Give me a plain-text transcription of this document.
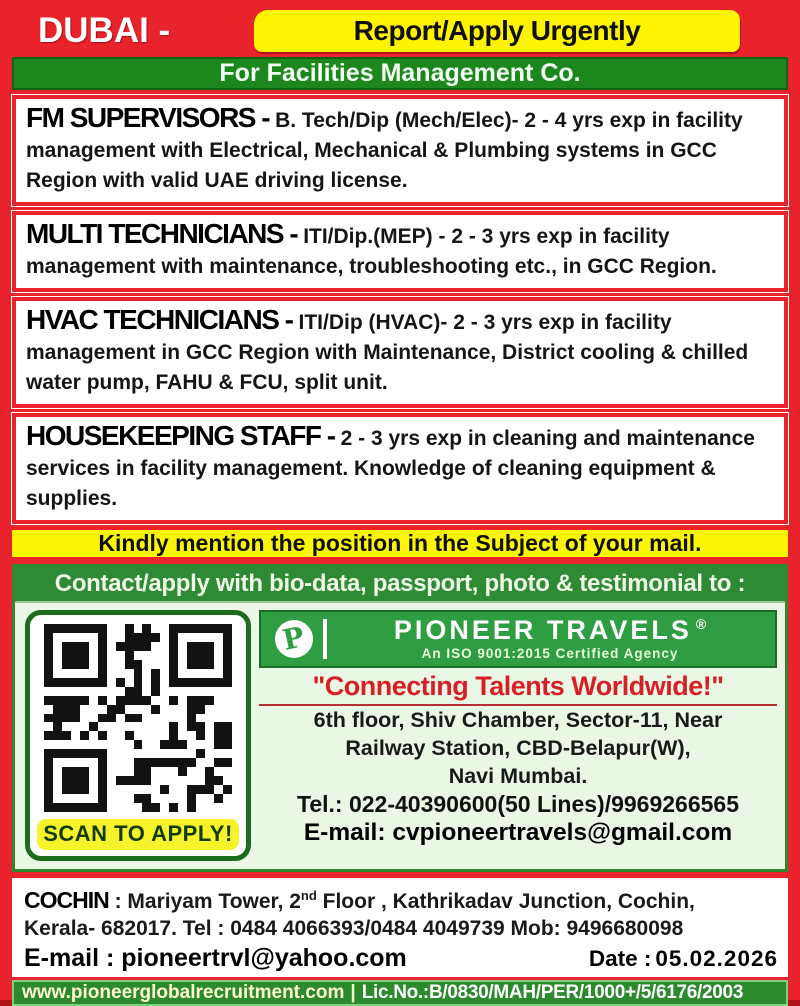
DUBAI -	Report/Apply Urgently
For Facilities Management Co.

FM SUPERVISORS - B. Tech/Dip (Mech/Elec)- 2 - 4 yrs exp in facility management with Electrical, Mechanical & Plumbing systems in GCC Region with valid UAE driving license.

MULTI TECHNICIANS - ITI/Dip.(MEP) - 2 - 3 yrs exp in facility management with maintenance, troubleshooting etc., in GCC Region.

HVAC TECHNICIANS - ITI/Dip (HVAC)- 2 - 3 yrs exp in facility management in GCC Region with Maintenance, District cooling & chilled water pump, FAHU & FCU, split unit.

HOUSEKEEPING STAFF - 2 - 3 yrs exp in cleaning and maintenance services in facility management. Knowledge of cleaning equipment & supplies.

Kindly mention the position in the Subject of your mail.
Contact/apply with bio-data, passport, photo & testimonial to :
SCAN TO APPLY!
P	PIONEER TRAVELS ®
An ISO 9001:2015 Certified Agency
"Connecting Talents Worldwide!"
6th floor, Shiv Chamber, Sector-11, Near
Railway Station, CBD-Belapur(W),
Navi Mumbai.
Tel.: 022-40390600(50 Lines)/9969266565
E-mail: cvpioneertravels@gmail.com
COCHIN : Mariyam Tower, 2nd Floor , Kathrikadav Junction, Cochin,
Kerala- 682017. Tel : 0484 4066393/0484 4049739 Mob: 9496680098
E-mail : pioneertrvl@yahoo.com	Date : 05.02.2026
www.pioneerglobalrecruitment.com | Lic.No.:B/0830/MAH/PER/1000+/5/6176/2003
